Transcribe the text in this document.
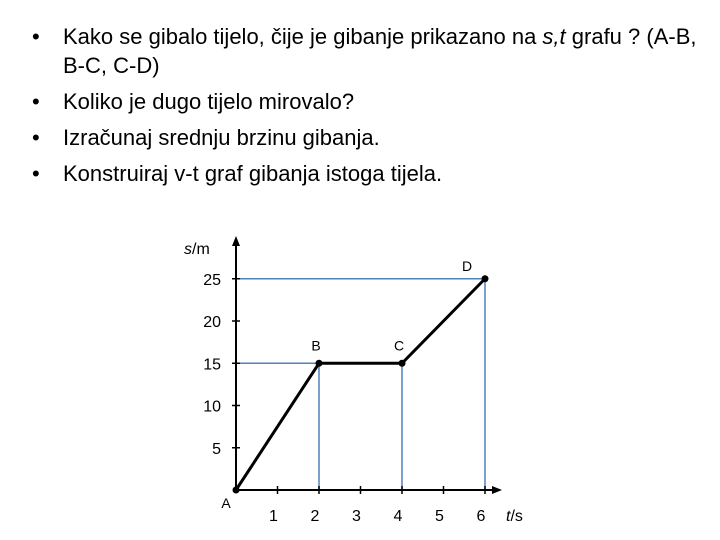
• Kako se gibalo tijelo, čije je gibanje prikazano na s,t grafu ? (A-B, B-C, C-D)
• Koliko je dugo tijelo mirovalo?
• Izračunaj srednju brzinu gibanja.
• Konstruiraj v-t graf gibanja istoga tijela.
5
10
15
20
25
1 2 3 4 5 6
s/m
t/s
A
B	C
D
